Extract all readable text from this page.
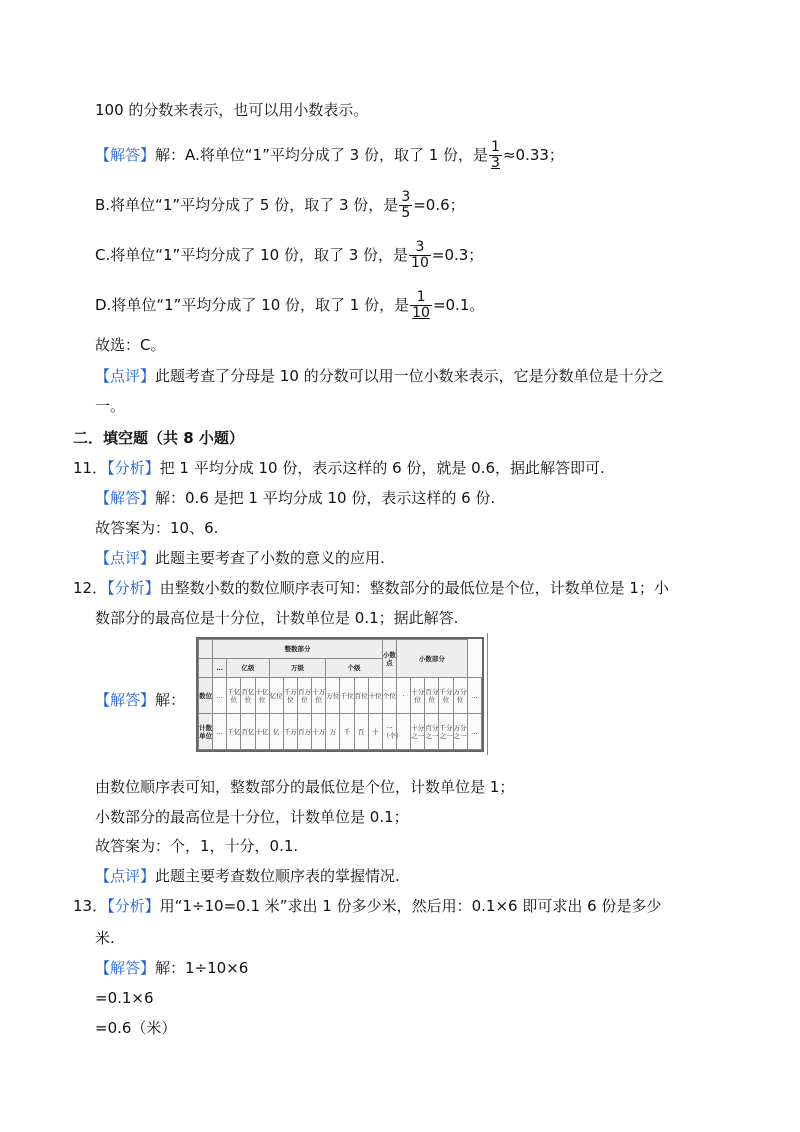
100 的分数来表示，也可以用小数表示。
【解答】解：A.将单位“1”平均分成了 3 份，取了 1 份，是 $\frac{1}{3} \approx 0.33$；
B.将单位“1”平均分成了 5 份，取了 3 份，是 $\frac{3}{5} =0.6$；
C.将单位“1”平均分成了 10 份，取了 3 份，是 $\frac{3}{10} =0.3$；
D.将单位“1”平均分成了 10 份，取了 1 份，是 $\frac{1}{10} =0.1$。
故选：C。
【点评】此题考查了分母是 10 的分数可以用一位小数来表示，它是分数单位是十分之
一。
二．填空题（共 8 小题）
11．【分析】把 1 平均分成 10 份，表示这样的 6 份，就是 0.6，据此解答即可.
【解答】解：0.6 是把 1 平均分成 10 份，表示这样的 6 份.
故答案为：10、6.
【点评】此题主要考查了小数的意义的应用.
12．【分析】由整数小数的数位顺序表可知：整数部分的最低位是个位，计数单位是 1；小
数部分的最高位是十分位，计数单位是 0.1；据此解答.
【解答】解：
	整数部分												小数点	小数部分					
	…	亿级			万级				个级										
数位	…	千亿位	百亿位	十亿位	亿位	千万位	百万位	十万位	万位	千位	百位	十位	个位	·	十分位	百分位	千分位	万分位	…
计数单位	…	千亿	百亿	十亿	亿	千万	百万	十万	万	千	百	十	一（个）		十分之一	百分之一	千分之一	万分之一	…
由数位顺序表可知，整数部分的最低位是个位，计数单位是 1；
小数部分的最高位是十分位，计数单位是 0.1；
故答案为：个，1，十分，0.1.
【点评】此题主要考查数位顺序表的掌握情况.
13．【分析】用“1÷10=0.1 米”求出 1 份多少米，然后用：0.1×6 即可求出 6 份是多少
米.
【解答】解：1÷10×6
=0.1×6
=0.6（米）
